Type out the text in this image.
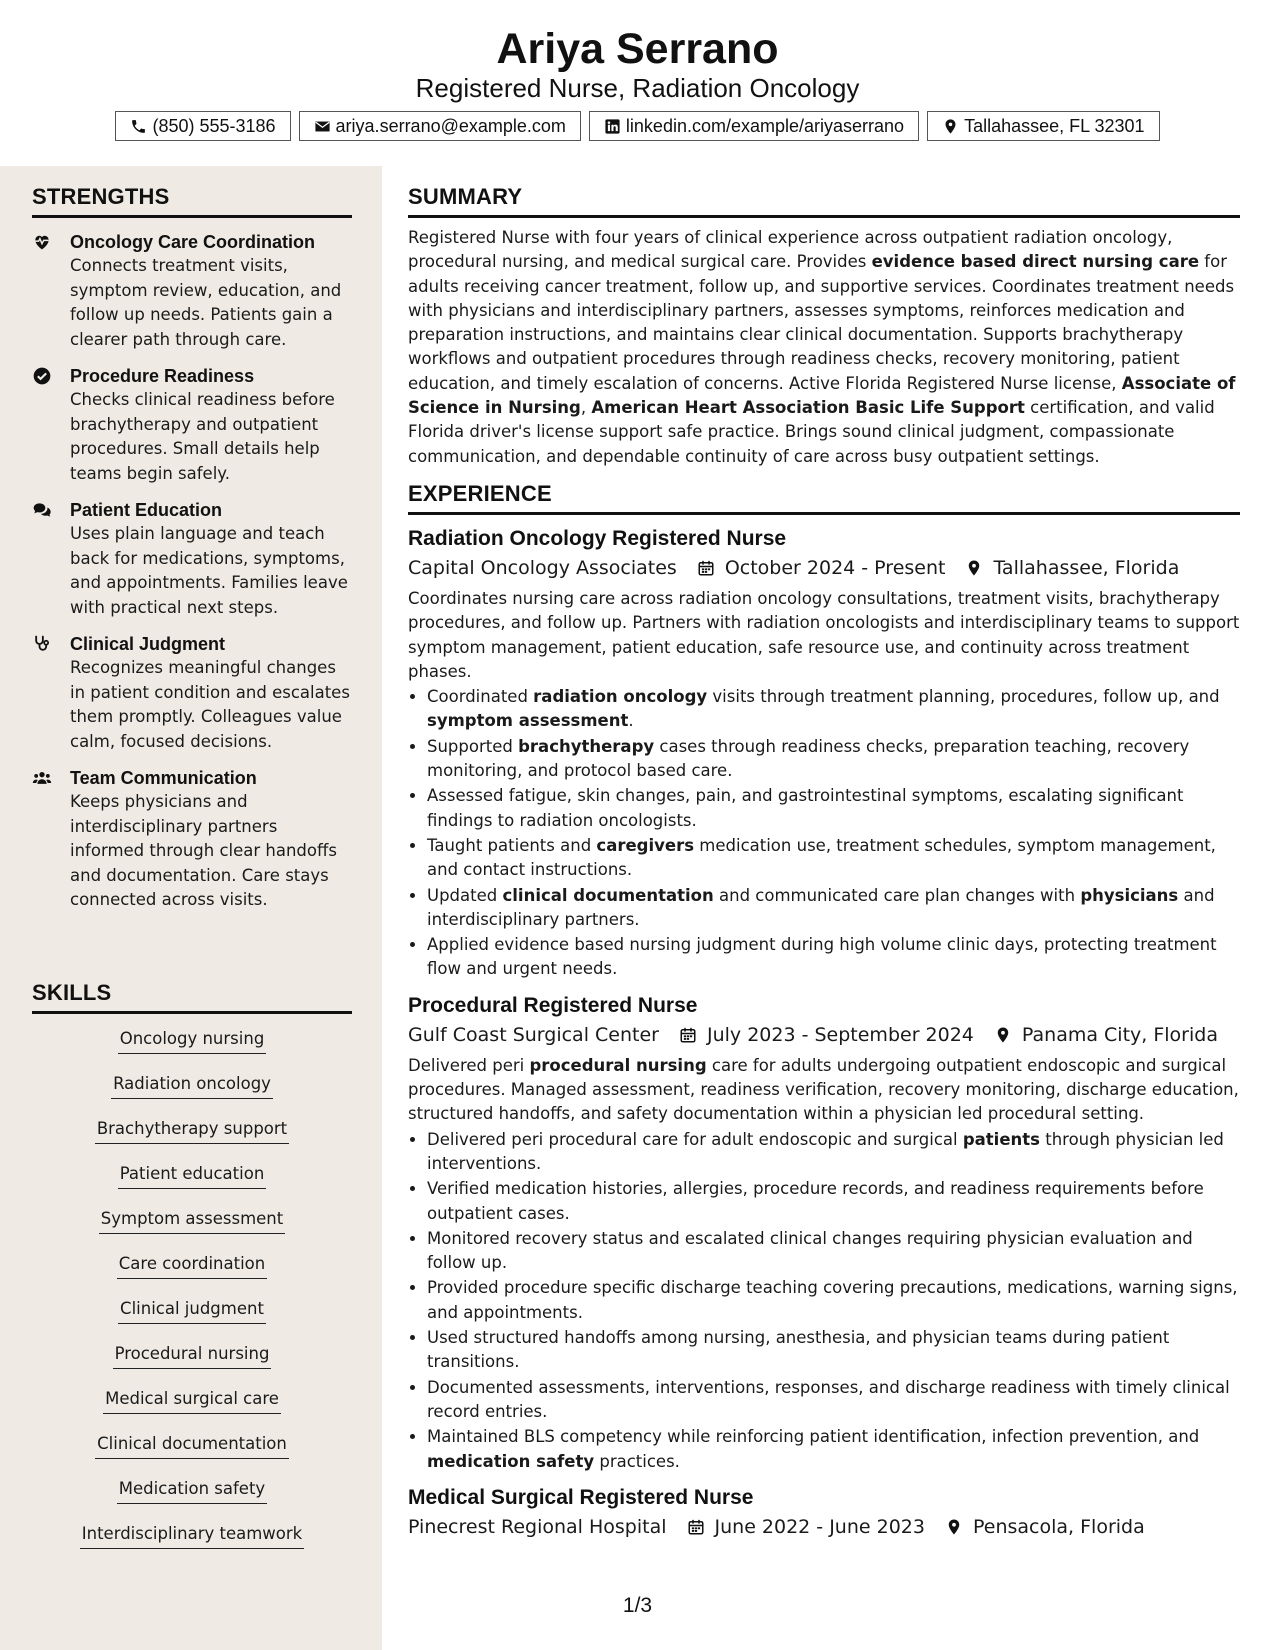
Ariya Serrano
Registered Nurse, Radiation Oncology
(850) 555-3186	ariya.serrano@example.com	linkedin.com/example/ariyaserrano	Tallahassee, FL 32301
STRENGTHS
Oncology Care Coordination
Connects treatment visits, symptom review, education, and follow up needs. Patients gain a clearer path through care.
Procedure Readiness
Checks clinical readiness before brachytherapy and outpatient procedures. Small details help teams begin safely.
Patient Education
Uses plain language and teach back for medications, symptoms, and appointments. Families leave with practical next steps.
Clinical Judgment
Recognizes meaningful changes in patient condition and escalates them promptly. Colleagues value calm, focused decisions.
Team Communication
Keeps physicians and interdisciplinary partners informed through clear handoffs and documentation. Care stays connected across visits.
SKILLS
Oncology nursing
Radiation oncology
Brachytherapy support
Patient education
Symptom assessment
Care coordination
Clinical judgment
Procedural nursing
Medical surgical care
Clinical documentation
Medication safety
Interdisciplinary teamwork
SUMMARY
Registered Nurse with four years of clinical experience across outpatient radiation oncology, procedural nursing, and medical surgical care. Provides evidence based direct nursing care for adults receiving cancer treatment, follow up, and supportive services. Coordinates treatment needs with physicians and interdisciplinary partners, assesses symptoms, reinforces medication and preparation instructions, and maintains clear clinical documentation. Supports brachytherapy workflows and outpatient procedures through readiness checks, recovery monitoring, patient education, and timely escalation of concerns. Active Florida Registered Nurse license, Associate of Science in Nursing, American Heart Association Basic Life Support certification, and valid Florida driver's license support safe practice. Brings sound clinical judgment, compassionate communication, and dependable continuity of care across busy outpatient settings.
EXPERIENCE
Radiation Oncology Registered Nurse
Capital Oncology Associates	October 2024 - Present	Tallahassee, Florida
Coordinates nursing care across radiation oncology consultations, treatment visits, brachytherapy procedures, and follow up. Partners with radiation oncologists and interdisciplinary teams to support symptom management, patient education, safe resource use, and continuity across treatment phases.
• Coordinated radiation oncology visits through treatment planning, procedures, follow up, and symptom assessment.
• Supported brachytherapy cases through readiness checks, preparation teaching, recovery monitoring, and protocol based care.
• Assessed fatigue, skin changes, pain, and gastrointestinal symptoms, escalating significant findings to radiation oncologists.
• Taught patients and caregivers medication use, treatment schedules, symptom management, and contact instructions.
• Updated clinical documentation and communicated care plan changes with physicians and interdisciplinary partners.
• Applied evidence based nursing judgment during high volume clinic days, protecting treatment flow and urgent needs.
Procedural Registered Nurse
Gulf Coast Surgical Center	July 2023 - September 2024	Panama City, Florida
Delivered peri procedural nursing care for adults undergoing outpatient endoscopic and surgical procedures. Managed assessment, readiness verification, recovery monitoring, discharge education, structured handoffs, and safety documentation within a physician led procedural setting.
• Delivered peri procedural care for adult endoscopic and surgical patients through physician led interventions.
• Verified medication histories, allergies, procedure records, and readiness requirements before outpatient cases.
• Monitored recovery status and escalated clinical changes requiring physician evaluation and follow up.
• Provided procedure specific discharge teaching covering precautions, medications, warning signs, and appointments.
• Used structured handoffs among nursing, anesthesia, and physician teams during patient transitions.
• Documented assessments, interventions, responses, and discharge readiness with timely clinical record entries.
• Maintained BLS competency while reinforcing patient identification, infection prevention, and medication safety practices.
Medical Surgical Registered Nurse
Pinecrest Regional Hospital	June 2022 - June 2023	Pensacola, Florida
1/3
